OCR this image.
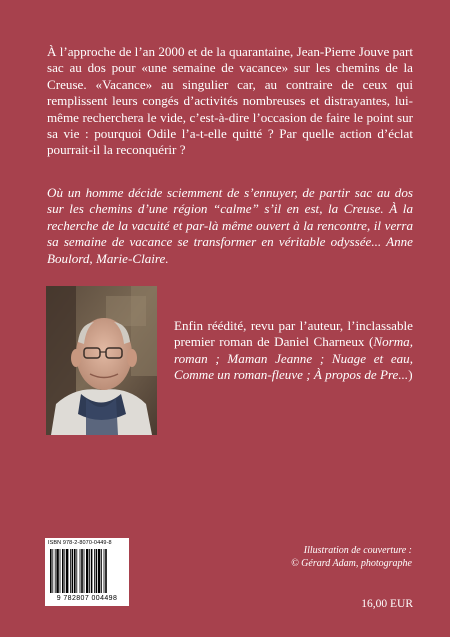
À l’approche de l’an 2000 et de la quarantaine, Jean-Pierre Jouve part sac au dos pour «une semaine de vacance» sur les chemins de la Creuse. «Vacance» au singulier car, au contraire de ceux qui remplissent leurs congés d’activités nombreuses et distrayantes, lui-même recherchera le vide, c’est-à-dire l’occasion de faire le point sur sa vie : pourquoi Odile l’a-t-elle quitté ? Par quelle action d’éclat pourrait-il la reconquérir ?

Où un homme décide sciemment de s’ennuyer, de partir sac au dos sur les chemins d’une région “calme” s’il en est, la Creuse. À la recherche de la vacuité et par-là même ouvert à la rencontre, il verra sa semaine de vacance se transformer en véritable odyssée... Anne Boulord, Marie-Claire.

Enfin réédité, revu par l’auteur, l’inclassable premier roman de Daniel Charneux (Norma, roman ; Maman Jeanne ; Nuage et eau, Comme un roman-fleuve ; À propos de Pre...)

ISBN 978-2-8070-0449-8
9 782807 004498
Illustration de couverture :
© Gérard Adam, photographe
16,00 EUR
